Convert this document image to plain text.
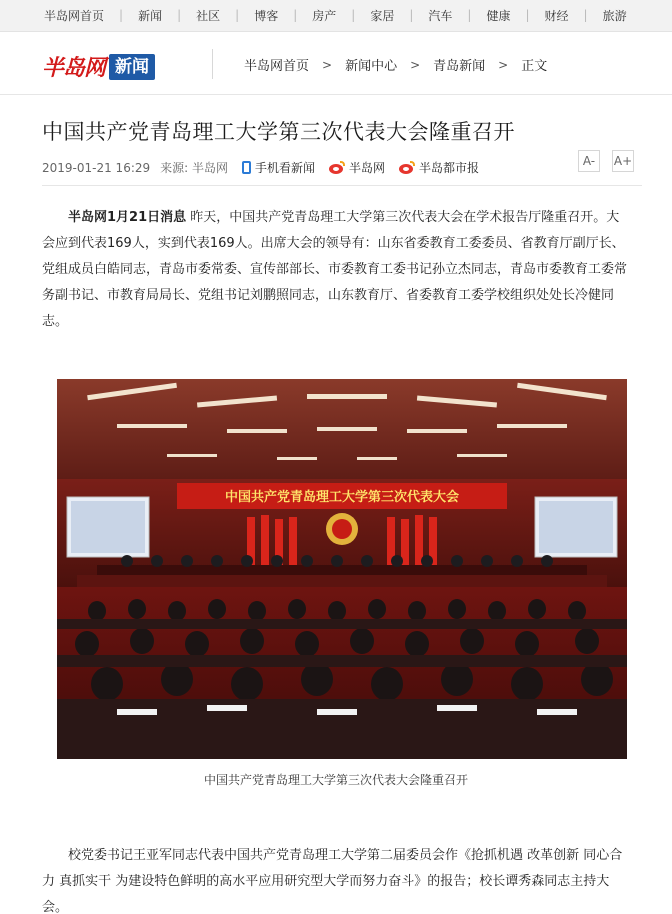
半岛网首页 | 新闻 | 社区 | 博客 | 房产 | 家居 | 汽车 | 健康 | 财经 | 旅游
半岛网 新闻	半岛网首页 > 新闻中心 > 青岛新闻 > 正文
中国共产党青岛理工大学第三次代表大会隆重召开
2019-01-21 16:29 来源: 半岛网 手机看新闻	半岛网	半岛都市报	A-	A+

半岛网1月21日消息 昨天，中国共产党青岛理工大学第三次代表大会在学术报告厅隆重召开。大会应到代表169人，实到代表169人。出席大会的领导有：山东省委教育工委委员、省教育厅副厅长、党组成员白皓同志，青岛市委常委、宣传部部长、市委教育工委书记孙立杰同志，青岛市委教育工委常务副书记、市教育局局长、党组书记刘鹏照同志，山东教育厅、省委教育工委学校组织处处长冷健同志。

中国共产党青岛理工大学第三次代表大会

中国共产党青岛理工大学第三次代表大会隆重召开

校党委书记王亚军同志代表中国共产党青岛理工大学第二届委员会作《抢抓机遇 改革创新 同心合力 真抓实干 为建设特色鲜明的高水平应用研究型大学而努力奋斗》的报告；校长谭秀森同志主持大会。
